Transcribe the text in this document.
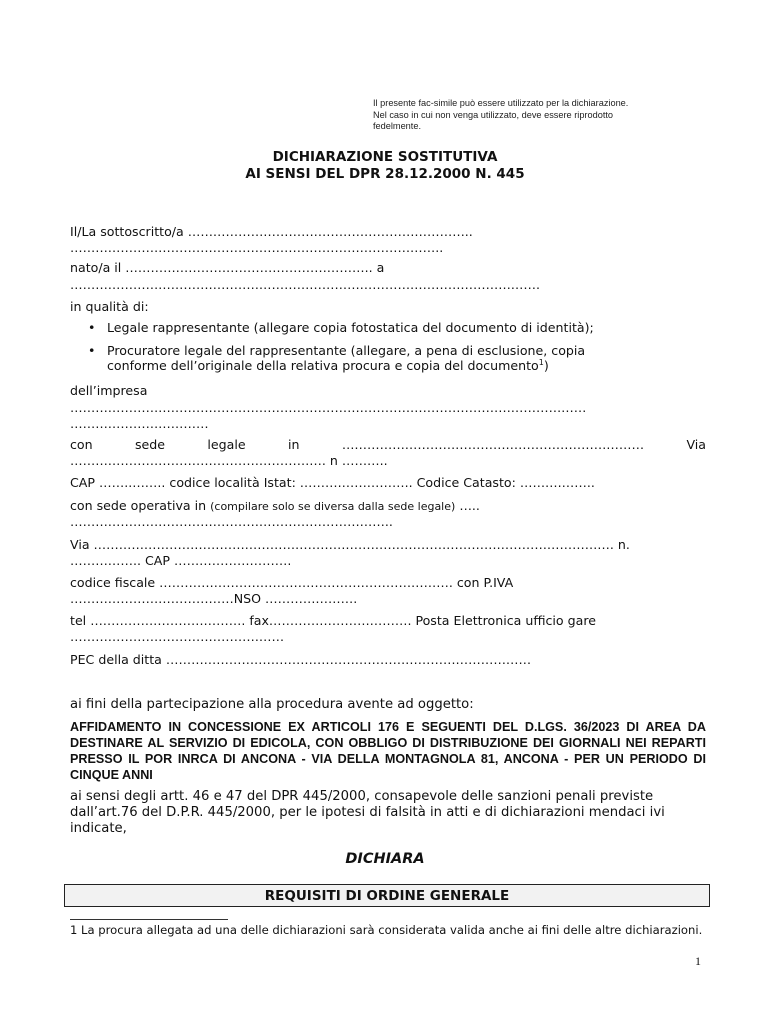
Il presente fac-simile può essere utilizzato per la dichiarazione.
Nel caso in cui non venga utilizzato, deve essere riprodotto
fedelmente.
DICHIARAZIONE SOSTITUTIVA
AI SENSI DEL DPR 28.12.2000 N. 445
Il/La sottoscritto/a …………………………………………………………..
……………………………………………………………………………..
nato/a il ………………………………………………….. a
………………………………………………………………………………………………….
in qualità di:
• Legale rappresentante (allegare copia fotostatica del documento di identità);
• Procuratore legale del rappresentante (allegare, a pena di esclusione, copia
conforme dell’originale della relativa procura e copia del documento$^1$)
dell’impresa
……………………………………………………………………………………………………………
……………………………
con	sede	legale	in	………………………………………………………………	Via
……………………………………………………. n ………..
CAP ……..…….. codice località Istat: ……….…………….. Codice Catasto: ……….……..
con sede operativa in (compilare solo se diversa dalla sede legale) …..
…………………………………………………………………..
Via ……………………………………………………………………………………………………………. n.
…………….. CAP ……………………….
codice fiscale ……………………………………………………………. con P.IVA
…………………………………NSO ………………….
tel ………………………………. fax……………………………. Posta Elettronica ufficio gare
……………………………………………
PEC della ditta ……………………………………………………………………………
ai fini della partecipazione alla procedura avente ad oggetto:
AFFIDAMENTO IN CONCESSIONE EX ARTICOLI 176 E SEGUENTI DEL D.LGS. 36/2023 DI AREA DA DESTINARE AL SERVIZIO DI EDICOLA, CON OBBLIGO DI DISTRIBUZIONE DEI GIORNALI NEI REPARTI PRESSO IL POR INRCA DI ANCONA - VIA DELLA MONTAGNOLA 81, ANCONA - PER UN PERIODO DI CINQUE ANNI
ai sensi degli artt. 46 e 47 del DPR 445/2000, consapevole delle sanzioni penali previste dall’art.76 del D.P.R. 445/2000, per le ipotesi di falsità in atti e di dichiarazioni mendaci ivi indicate,
DICHIARA
REQUISITI DI ORDINE GENERALE
1 La procura allegata ad una delle dichiarazioni sarà considerata valida anche ai fini delle altre dichiarazioni.
1
